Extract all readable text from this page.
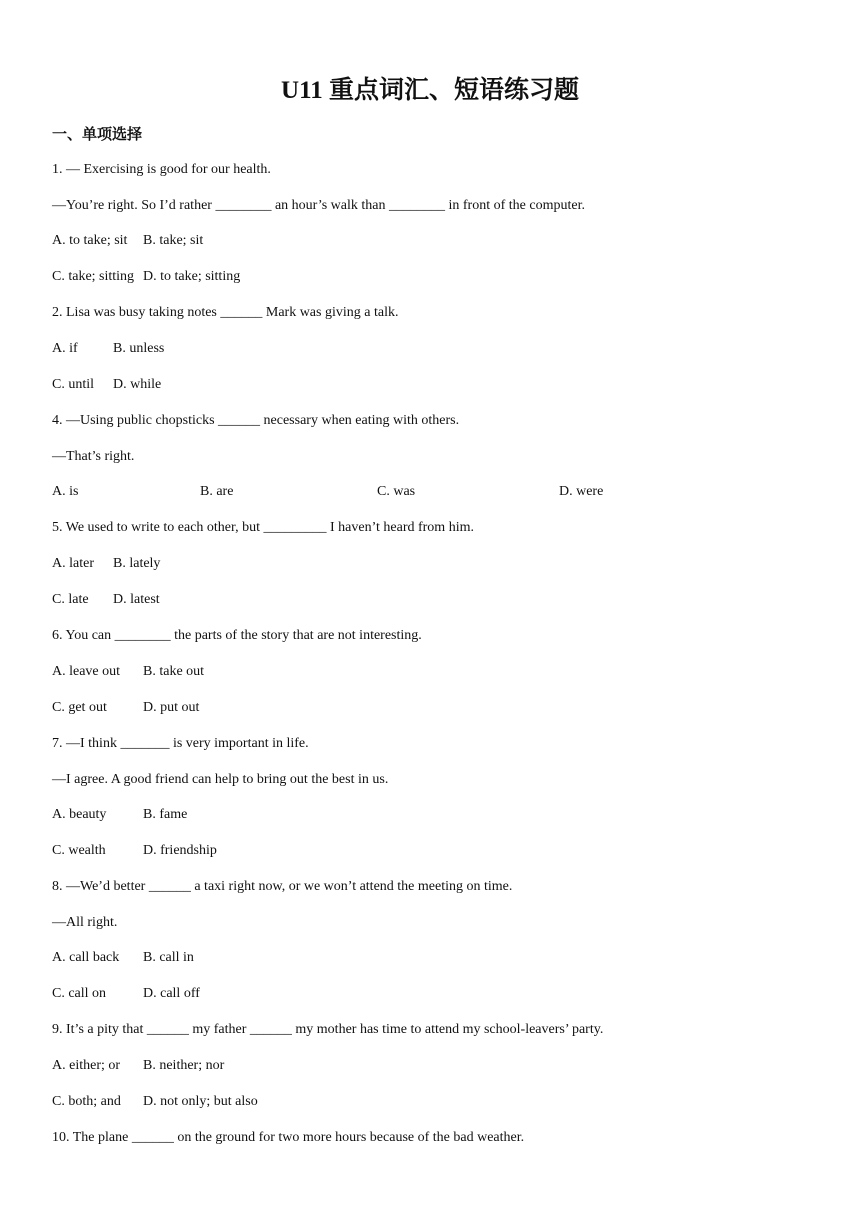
U11 重点词汇、短语练习题
一、单项选择
1. — Exercising is good for our health.
—You’re right. So I’d rather ________ an hour’s walk than ________ in front of the computer.
A. to take; sit B. take; sit
C. take; sitting D. to take; sitting
2. Lisa was busy taking notes ______ Mark was giving a talk.
A. if	B. unless
C. until D. while
4. —Using public chopsticks ______ necessary when eating with others.
—That’s right.
A. is	B. are	C. was	D. were
5. We used to write to each other, but _________ I haven’t heard from him.
A. later B. lately
C. late D. latest
6. You can ________ the parts of the story that are not interesting.
A. leave out B. take out
C. get out	D. put out
7. —I think _______ is very important in life.
—I agree. A good friend can help to bring out the best in us.
A. beauty	B. fame
C. wealth	D. friendship
8. —We’d better ______ a taxi right now, or we won’t attend the meeting on time.
—All right.
A. call back B. call in
C. call on	D. call off
9. It’s a pity that ______ my father ______ my mother has time to attend my school-leavers’ party.
A. either; or B. neither; nor
C. both; and D. not only; but also
10. The plane ______ on the ground for two more hours because of the bad weather.
